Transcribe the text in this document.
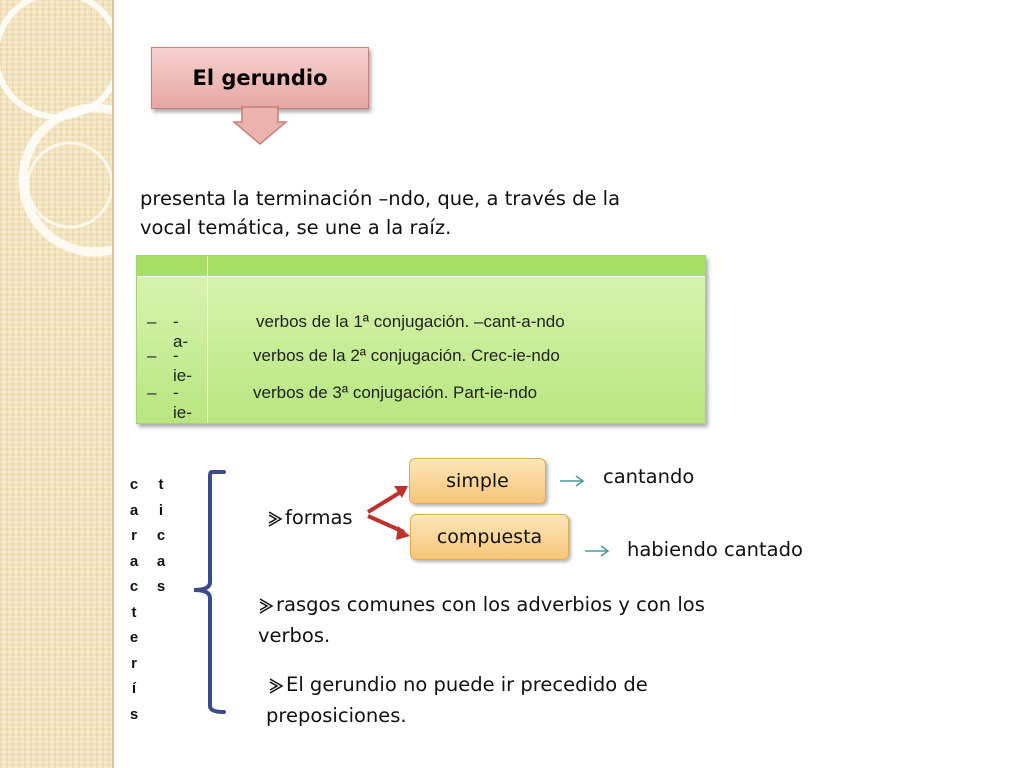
El gerundio
presenta la terminación –ndo, que, a través de la vocal temática, se une a la raíz.
– -a-
verbos de la 1ª conjugación. –cant-a-ndo
– -ie-
verbos de la 2ª conjugación. Crec-ie-ndo
– -ie-
verbos de 3ª conjugación. Part-ie-ndo
c
a
r
a
c
t
e
r
í
s
t
i
c
a
s
formas
simple
compuesta
cantando
habiendo cantado
rasgos comunes con los adverbios y con los
verbos.
El gerundio no puede ir precedido de
preposiciones.
